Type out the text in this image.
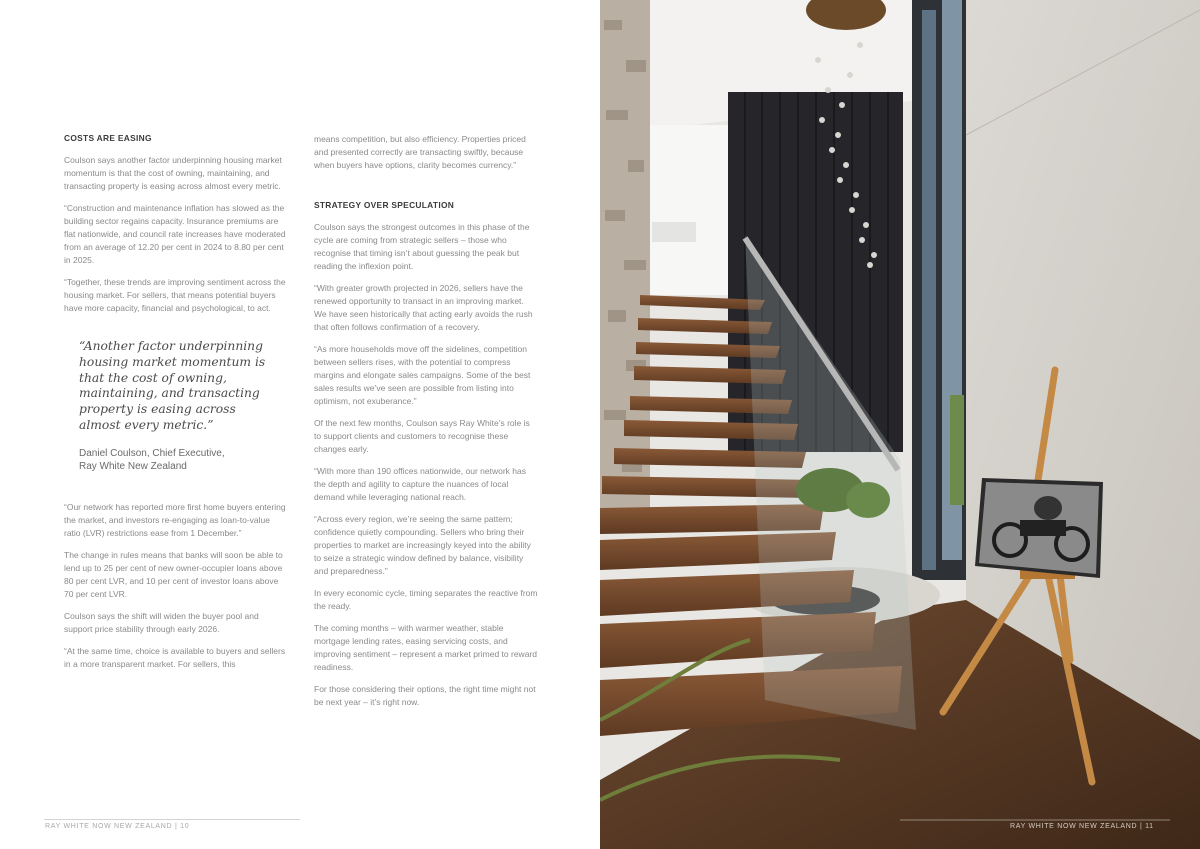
COSTS ARE EASING

Coulson says another factor underpinning housing market momentum is that the cost of owning, maintaining, and transacting property is easing across almost every metric.

“Construction and maintenance inflation has slowed as the building sector regains capacity. Insurance premiums are flat nationwide, and council rate increases have moderated from an average of 12.20 per cent in 2024 to 8.80 per cent in 2025.

“Together, these trends are improving sentiment across the housing market. For sellers, that means potential buyers have more capacity, financial and psychological, to act.

“Another factor underpinning housing market momentum is that the cost of owning, maintaining, and transacting property is easing across almost every metric.”

Daniel Coulson, Chief Executive,

Ray White New Zealand

“Our network has reported more first home buyers entering the market, and investors re-engaging as loan-to-value ratio (LVR) restrictions ease from 1 December.”

The change in rules means that banks will soon be able to lend up to 25 per cent of new owner-occupier loans above 80 per cent LVR, and 10 per cent of investor loans above 70 per cent LVR.

Coulson says the shift will widen the buyer pool and support price stability through early 2026.

“At the same time, choice is available to buyers and sellers in a more transparent market. For sellers, this

means competition, but also efficiency. Properties priced and presented correctly are transacting swiftly, because when buyers have options, clarity becomes currency.”

STRATEGY OVER SPECULATION

Coulson says the strongest outcomes in this phase of the cycle are coming from strategic sellers – those who recognise that timing isn’t about guessing the peak but reading the inflexion point.

“With greater growth projected in 2026, sellers have the renewed opportunity to transact in an improving market. We have seen historically that acting early avoids the rush that often follows confirmation of a recovery.

“As more households move off the sidelines, competition between sellers rises, with the potential to compress margins and elongate sales campaigns. Some of the best sales results we’ve seen are possible from listing into optimism, not exuberance.”

Of the next few months, Coulson says Ray White’s role is to support clients and customers to recognise these changes early.

“With more than 190 offices nationwide, our network has the depth and agility to capture the nuances of local demand while leveraging national reach.

“Across every region, we’re seeing the same pattern; confidence quietly compounding. Sellers who bring their properties to market are increasingly keyed into the ability to seize a strategic window defined by balance, visibility and preparedness.”

In every economic cycle, timing separates the reactive from the ready.

The coming months – with warmer weather, stable mortgage lending rates, easing servicing costs, and improving sentiment – represent a market primed to reward readiness.

For those considering their options, the right time might not be next year – it’s right now.

RAY WHITE NOW NEW ZEALAND | 10	RAY WHITE NOW NEW ZEALAND | 11
